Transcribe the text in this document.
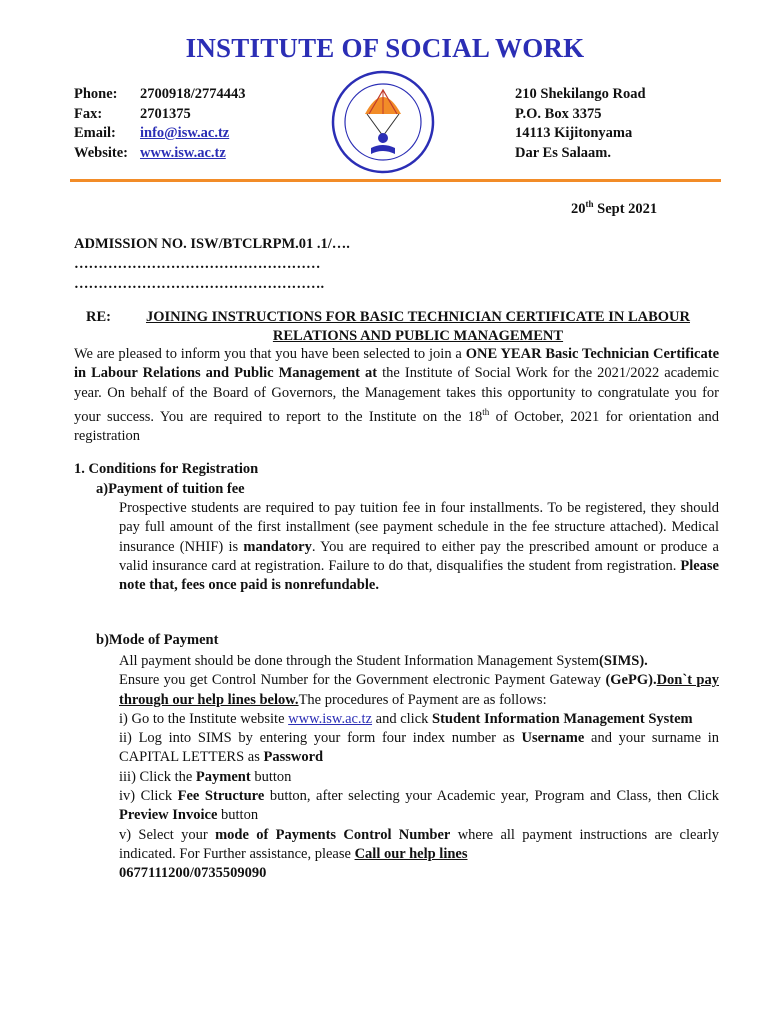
INSTITUTE OF SOCIAL WORK
Phone:	2700918/2774443
Fax:	2701375
Email:	info@isw.ac.tz
Website: www.isw.ac.tz
210 Shekilango Road
P.O. Box 3375
14113 Kijitonyama
Dar Es Salaam.
20th Sept 2021
ADMISSION NO. ISW/BTCLRPM.01 .1/….
……………………………………………
…………………………………………….
RE:	JOINING INSTRUCTIONS FOR BASIC TECHNICIAN CERTIFICATE IN LABOUR RELATIONS AND PUBLIC MANAGEMENT
We are pleased to inform you that you have been selected to join a ONE YEAR Basic Technician Certificate in Labour Relations and Public Management at the Institute of Social Work for the 2021/2022 academic year. On behalf of the Board of Governors, the Management takes this opportunity to congratulate you for your success. You are required to report to the Institute on the 18th of October, 2021 for orientation and registration
1. Conditions for Registration
a)Payment of tuition fee
Prospective students are required to pay tuition fee in four installments. To be registered, they should pay full amount of the first installment (see payment schedule in the fee structure attached). Medical insurance (NHIF) is mandatory. You are required to either pay the prescribed amount or produce a valid insurance card at registration. Failure to do that, disqualifies the student from registration. Please note that, fees once paid is nonrefundable.
b)Mode of Payment
All payment should be done through the Student Information Management System(SIMS).
Ensure you get Control Number for the Government electronic Payment Gateway (GePG).Don`t pay through our help lines below.The procedures of Payment are as follows:
i) Go to the Institute website www.isw.ac.tz and click Student Information Management System
ii) Log into SIMS by entering your form four index number as Username and your surname in CAPITAL LETTERS as Password
iii) Click the Payment button
iv) Click Fee Structure button, after selecting your Academic year, Program and Class, then Click Preview Invoice button
v) Select your mode of Payments Control Number where all payment instructions are clearly indicated. For Further assistance, please Call our help lines
0677111200/0735509090
